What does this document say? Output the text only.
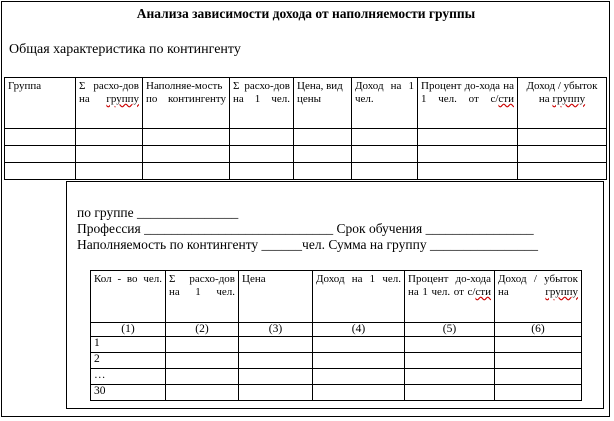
Анализа зависимости дохода от наполняемости группы
Общая характеристика по контингенту
Группа	Σ расхо-дов на группу	Наполняе-мость по контингенту	Σ расхо-дов на 1 чел.	Цена, вид цены	Доход на 1 чел.	Процент до-хода на 1 чел. от с/сти	Доход / убыток на группу

по группе _______________
Профессия ____________________________ Срок обучения ________________
Наполняемость по контингенту ______чел. Сумма на группу ________________
Кол - во чел.	Σ расхо-дов на 1 чел.	Цена	Доход на 1 чел.	Процент до-хода на 1 чел. от с/сти	Доход / убыток на группу
(1)	(2)	(3)	(4)	(5)	(6)
1					
2					
…					
30					
